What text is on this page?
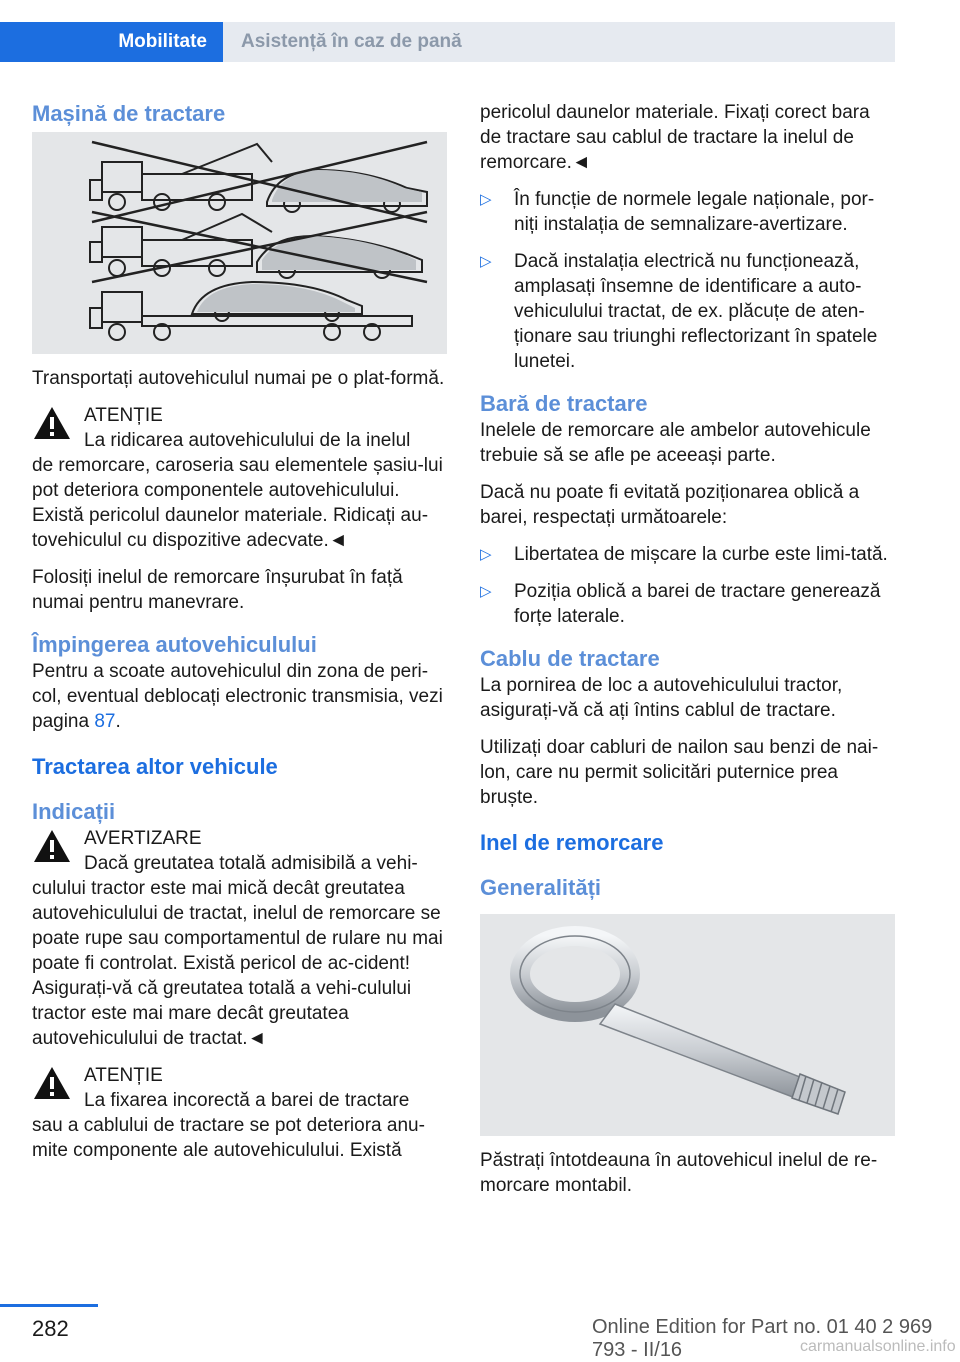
Mobilitate	Asistență în caz de pană
Mașină de tractare

Transportați autovehiculul numai pe o plat-formă.

ATENȚIE
La ridicarea autovehiculului de la inelul
de remorcare, caroseria sau elementele șasiu-lui pot deteriora componentele autovehiculului. Există pericolul daunelor materiale. Ridicați au-tovehiculul cu dispozitive adecvate.◄

Folosiți inelul de remorcare înșurubat în față numai pentru manevrare.

Împingerea autovehiculului

Pentru a scoate autovehiculul din zona de peri-col, eventual deblocați electronic transmisia, vezi pagina 87.

Tractarea altor vehicule
Indicații
AVERTIZARE
Dacă greutatea totală admisibilă a vehi-
culului tractor este mai mică decât greutatea autovehiculului de tractat, inelul de remorcare se poate rupe sau comportamentul de rulare nu mai poate fi controlat. Există pericol de ac-cident! Asigurați-vă că greutatea totală a vehi-culului tractor este mai mare decât greutatea autovehiculului de tractat.◄
ATENȚIE
La fixarea incorectă a barei de tractare
sau a cablului de tractare se pot deteriora anu-mite componente ale autovehiculului. Există

pericolul daunelor materiale. Fixați corect bara de tractare sau cablul de tractare la inelul de remorcare.◄

▷ În funcție de normele legale naționale, por-niți instalația de semnalizare-avertizare.
▷ Dacă instalația electrică nu funcționează, amplasați însemne de identificare a auto-vehiculului tractat, de ex. plăcuțe de aten-ționare sau triunghi reflectorizant în spatele lunetei.
Bară de tractare

Inelele de remorcare ale ambelor autovehicule trebuie să se afle pe aceeași parte.

Dacă nu poate fi evitată poziționarea oblică a barei, respectați următoarele:

▷ Libertatea de mișcare la curbe este limi-tată.
▷ Poziția oblică a barei de tractare generează forțe laterale.
Cablu de tractare

La pornirea de loc a autovehiculului tractor, asigurați-vă că ați întins cablul de tractare.

Utilizați doar cabluri de nailon sau benzi de nai-lon, care nu permit solicitări puternice prea bruște.

Inel de remorcare
Generalități

Păstrați întotdeauna în autovehicul inelul de re-morcare montabil.

282	Online Edition for Part no. 01 40 2 969 793 - II/16	carmanualsonline.info
